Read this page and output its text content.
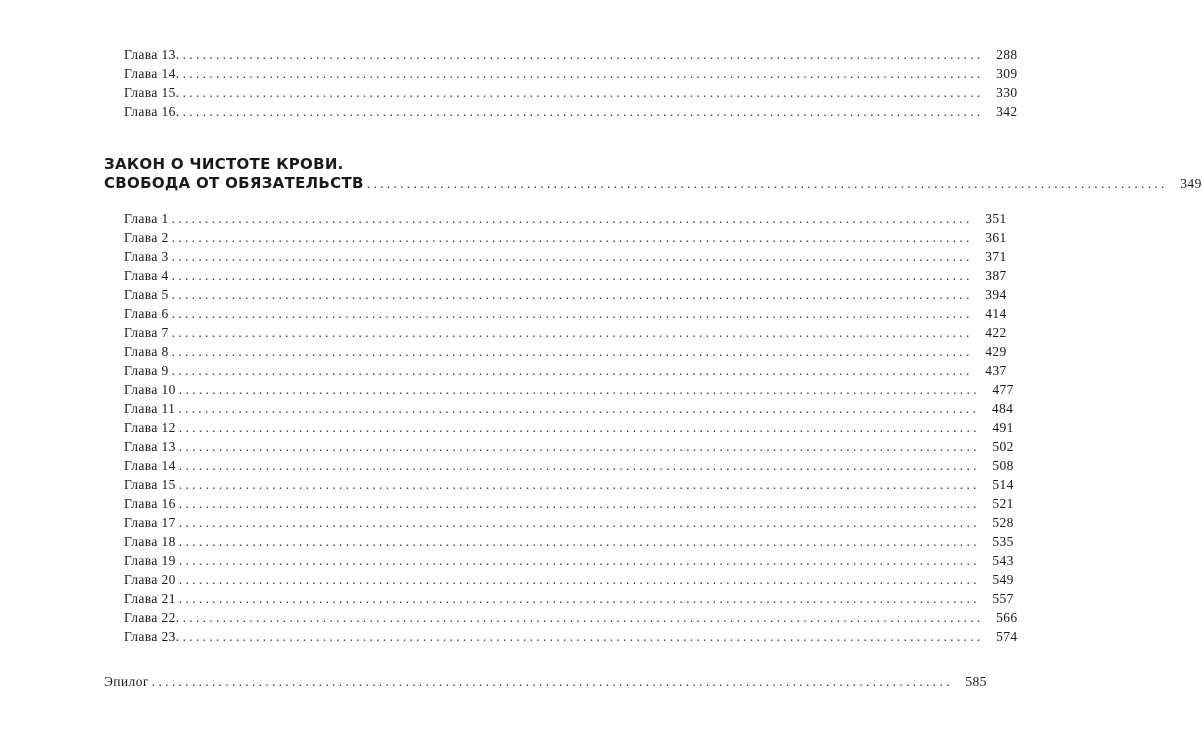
Глава 13. ........................................................................................................................ 288
Глава 14. ........................................................................................................................ 309
Глава 15. ........................................................................................................................ 330
Глава 16. ........................................................................................................................ 342
ЗАКОН О ЧИСТОТЕ КРОВИ.
СВОБОДА ОТ ОБЯЗАТЕЛЬСТВ ........................................................................................................................ 349
Глава 1 ........................................................................................................................ 351
Глава 2 ........................................................................................................................ 361
Глава 3 ........................................................................................................................ 371
Глава 4 ........................................................................................................................ 387
Глава 5 ........................................................................................................................ 394
Глава 6 ........................................................................................................................ 414
Глава 7 ........................................................................................................................ 422
Глава 8 ........................................................................................................................ 429
Глава 9 ........................................................................................................................ 437
Глава 10 ........................................................................................................................ 477
Глава 11 ........................................................................................................................ 484
Глава 12 ........................................................................................................................ 491
Глава 13 ........................................................................................................................ 502
Глава 14 ........................................................................................................................ 508
Глава 15 ........................................................................................................................ 514
Глава 16 ........................................................................................................................ 521
Глава 17 ........................................................................................................................ 528
Глава 18 ........................................................................................................................ 535
Глава 19 ........................................................................................................................ 543
Глава 20 ........................................................................................................................ 549
Глава 21 ........................................................................................................................ 557
Глава 22. ........................................................................................................................ 566
Глава 23. ........................................................................................................................ 574
Эпилог ........................................................................................................................ 585
